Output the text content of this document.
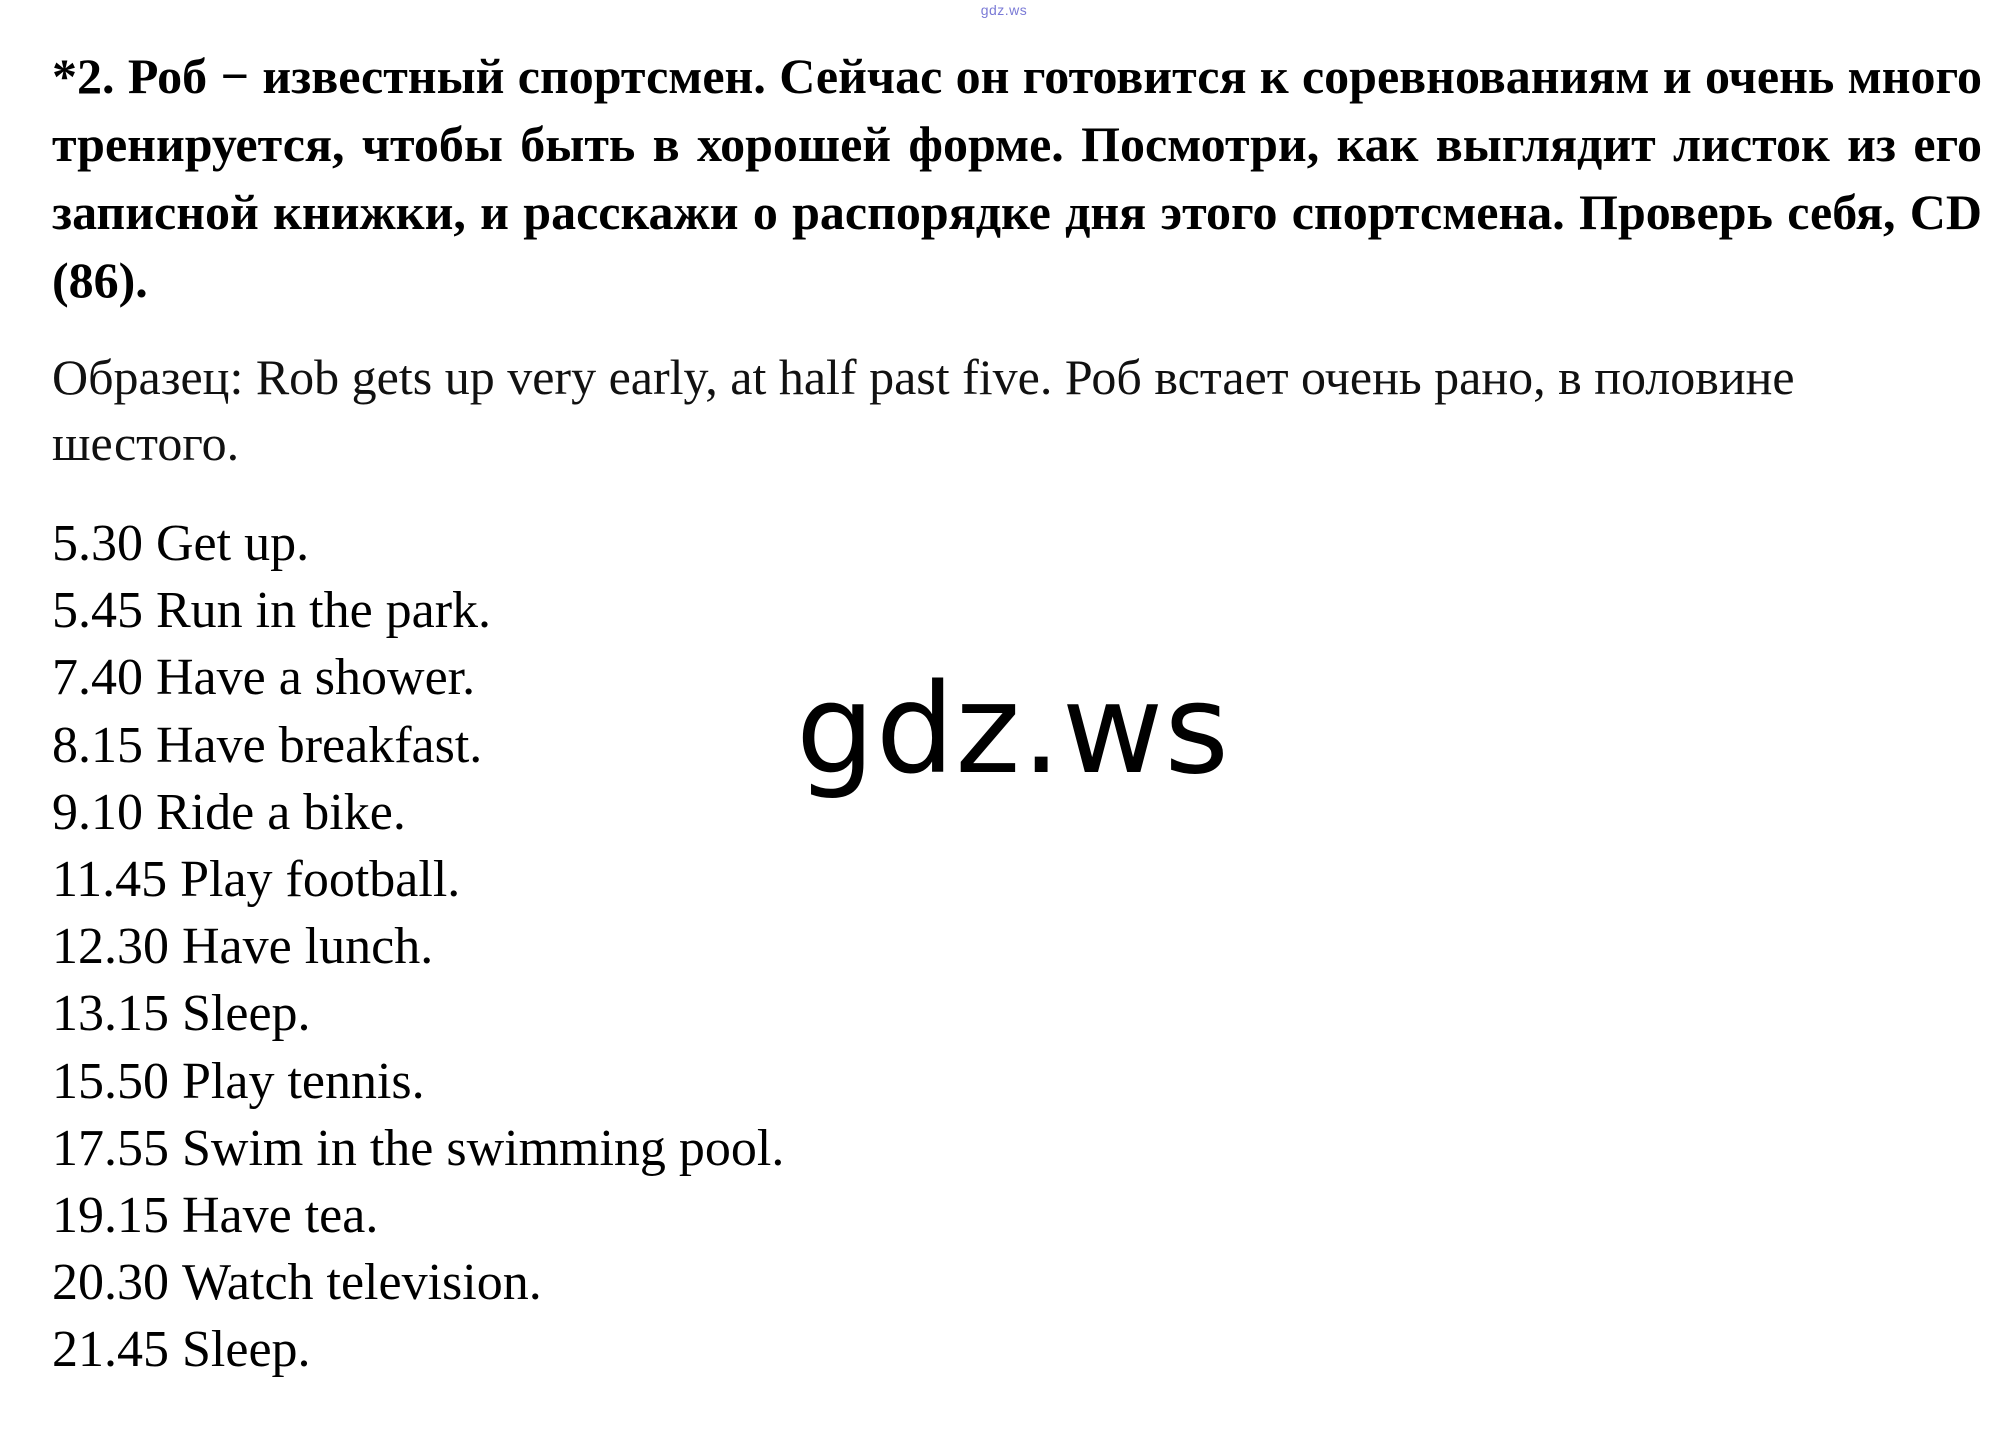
gdz.ws

*2. Роб − известный спортсмен. Сейчас он готовится к соревнованиям и очень много тренируется, чтобы быть в хорошей форме. Посмотри, как выглядит листок из его записной книжки, и расскажи о распорядке дня этого спортсмена. Проверь себя, CD (86).

Образец: Rob gets up very early, at half past five. Роб встает очень рано, в половине шестого.

5.30 Get up.
5.45 Run in the park.
7.40 Have a shower.
8.15 Have breakfast.
9.10 Ride a bike.
11.45 Play football.
12.30 Have lunch.
13.15 Sleep.
15.50 Play tennis.
17.55 Swim in the swimming pool.
19.15 Have tea.
20.30 Watch television.
21.45 Sleep.
gdz.ws
